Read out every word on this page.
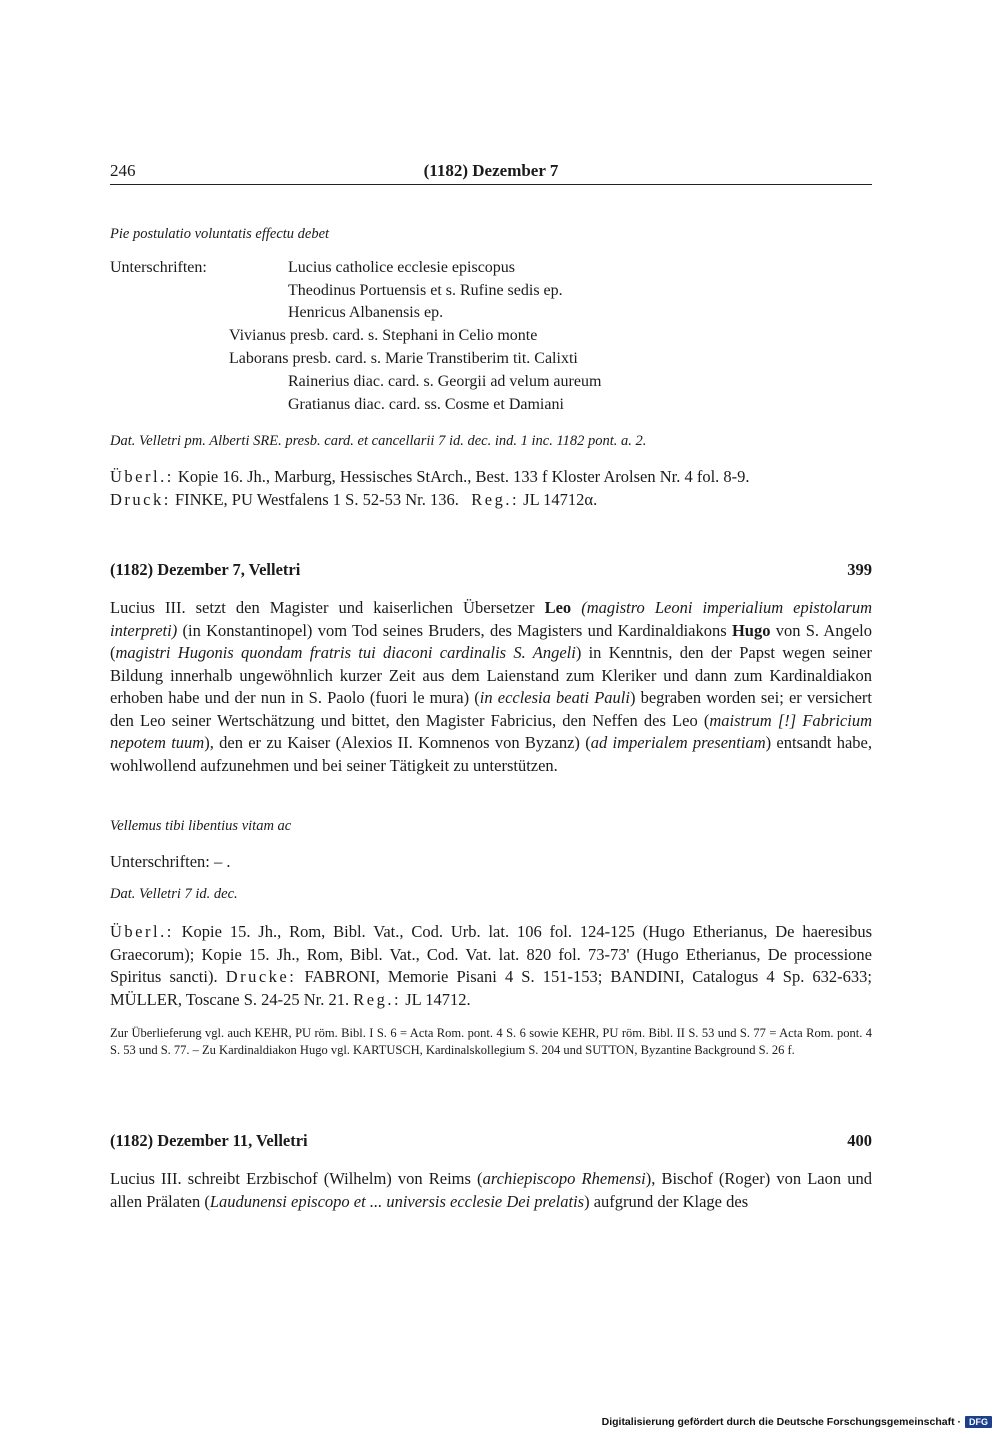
246	(1182) Dezember 7
Pie postulatio voluntatis effectu debet
Unterschriften:	Lucius catholice ecclesie episcopus
Theodinus Portuensis et s. Rufine sedis ep.
Henricus Albanensis ep.
Vivianus presb. card. s. Stephani in Celio monte
Laborans presb. card. s. Marie Transtiberim tit. Calixti
Rainerius diac. card. s. Georgii ad velum aureum
Gratianus diac. card. ss. Cosme et Damiani
Dat. Velletri pm. Alberti SRE. presb. card. et cancellarii 7 id. dec. ind. 1 inc. 1182 pont. a. 2.
Überl.: Kopie 16. Jh., Marburg, Hessisches StArch., Best. 133 f Kloster Arolsen Nr. 4 fol. 8-9.
Druck: FINKE, PU Westfalens 1 S. 52-53 Nr. 136. Reg.: JL 14712α.
(1182) Dezember 7, Velletri	399
Lucius III. setzt den Magister und kaiserlichen Übersetzer Leo (magistro Leoni imperialium epistolarum interpreti) (in Konstantinopel) vom Tod seines Bruders, des Magisters und Kardinaldiakons Hugo von S. Angelo (magistri Hugonis quondam fratris tui diaconi cardinalis S. Angeli) in Kenntnis, den der Papst wegen seiner Bildung innerhalb ungewöhnlich kurzer Zeit aus dem Laienstand zum Kleriker und dann zum Kardinaldiakon erhoben habe und der nun in S. Paolo (fuori le mura) (in ecclesia beati Pauli) begraben worden sei; er versichert den Leo seiner Wertschätzung und bittet, den Magister Fabricius, den Neffen des Leo (maistrum [!] Fabricium nepotem tuum), den er zu Kaiser (Alexios II. Komnenos von Byzanz) (ad imperialem presentiam) entsandt habe, wohlwollend aufzunehmen und bei seiner Tätigkeit zu unterstützen.
Vellemus tibi libentius vitam ac
Unterschriften: – .
Dat. Velletri 7 id. dec.
Überl.: Kopie 15. Jh., Rom, Bibl. Vat., Cod. Urb. lat. 106 fol. 124-125 (Hugo Etherianus, De haeresibus Graecorum); Kopie 15. Jh., Rom, Bibl. Vat., Cod. Vat. lat. 820 fol. 73-73' (Hugo Etherianus, De processione Spiritus sancti). Drucke: FABRONI, Memorie Pisani 4 S. 151-153; BANDINI, Catalogus 4 Sp. 632-633; MÜLLER, Toscane S. 24-25 Nr. 21. Reg.: JL 14712.
Zur Überlieferung vgl. auch KEHR, PU röm. Bibl. I S. 6 = Acta Rom. pont. 4 S. 6 sowie KEHR, PU röm. Bibl. II S. 53 und S. 77 = Acta Rom. pont. 4 S. 53 und S. 77. – Zu Kardinaldiakon Hugo vgl. KARTUSCH, Kardinalskollegium S. 204 und SUTTON, Byzantine Background S. 26 f.
(1182) Dezember 11, Velletri	400
Lucius III. schreibt Erzbischof (Wilhelm) von Reims (archiepiscopo Rhemensi), Bischof (Roger) von Laon und allen Prälaten (Laudunensi episcopo et ... universis ecclesie Dei prelatis) aufgrund der Klage des
Digitalisierung gefördert durch die Deutsche Forschungsgemeinschaft · DFG
